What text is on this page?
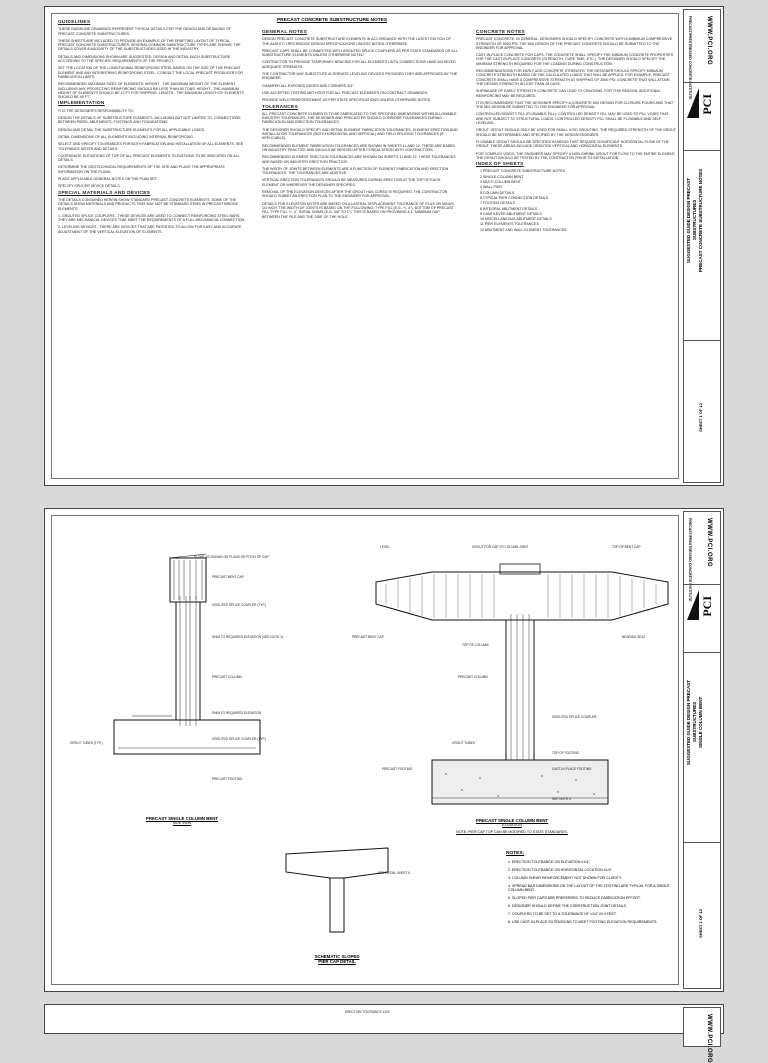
PRECAST CONCRETE SUBSTRUCTURE NOTES
GUIDELINES

THESE GUIDELINE DRAWINGS REPRESENT TYPICAL DETAILS FOR THE DESIGN AND DETAILING OF PRECAST CONCRETE SUBSTRUCTURES.

THESE SHEETS ARE INCLUDED TO PROVIDE AN EXAMPLE OF THE DRAFTING LAYOUT OF TYPICAL PRECAST CONCRETE SUBSTRUCTURES. SEVERAL COMMON SUBSTRUCTURE TYPES ARE SHOWN. THE DETAILS COVER A MAJORITY OF THE SUBSTRUCTURES USED IN THE INDUSTRY.

DETAILS AND DIMENSIONS SHOWN ARE SUGGESTED. DESIGN AND DETAIL EACH SUBSTRUCTURE ACCORDING TO THE SPECIFIC REQUIREMENTS OF THE PROJECT.

SET THE LOCATION OF THE LONGITUDINAL REINFORCING STEEL BASED ON THE SIZE OF THE PRECAST ELEMENT AND ANY INTERFERING REINFORCING STEEL. CONSULT THE LOCAL PRECAST PRODUCER FOR FABRICATION LIMITS.

RECOMMENDED MAXIMUM SIZES OF ELEMENTS: WEIGHT - THE MAXIMUM WEIGHT OF THE ELEMENT INCLUDING ANY PROJECTING REINFORCING SHOULD BE LESS THAN 50 TONS. HEIGHT - THE MAXIMUM HEIGHT OF ELEMENTS SHOULD BE 10 FT FOR SHIPPING. LENGTH - THE MAXIMUM LENGTH OF ELEMENTS SHOULD BE 40 FT.

IMPLEMENTATION

IT IS THE DESIGNER'S RESPONSIBILITY TO:

DESIGN THE DETAILS OF SUBSTRUCTURE ELEMENTS, INCLUDING BUT NOT LIMITED TO, CONNECTIONS BETWEEN PIERS, ABUTMENTS, FOOTINGS AND FOUNDATIONS.

DESIGN AND DETAIL THE SUBSTRUCTURE ELEMENTS FOR ALL APPLICABLE LOADS.

DETAIL DIMENSIONS OF ALL ELEMENTS INCLUDING INTERNAL REINFORCING.

SELECT AND SPECIFY TOLERANCES FOR BOTH FABRICATION AND INSTALLATION OF ALL ELEMENTS. SEE TOLERANCE NOTES AND DETAILS.

COORDINATE ELEVATIONS OF TOP OF ALL PRECAST ELEMENTS. ELEVATIONS TO BE INDICATED ON ALL DETAILS.

DETERMINE THE GEOTECHNICAL REQUIREMENTS OF THE SITE AND PLACE THE APPROPRIATE INFORMATION ON THE PLANS.

PLACE APPLICABLE GENERAL NOTES ON THE PLAN SET.

SPECIFY SPLICER DEVICE DETAILS.

SPECIAL MATERIALS AND DEVICES

THE DETAILS CONTAINED HEREIN SHOW STANDARD PRECAST CONCRETE ELEMENTS. SOME OF THE DETAILS SHOW MATERIALS AND PRODUCTS THAT MAY NOT BE STANDARD ITEMS IN PRECAST BRIDGE ELEMENTS.

1. GROUTED SPLICE COUPLERS - THESE DEVICES ARE USED TO CONNECT REINFORCING STEEL BARS. THEY ARE MECHANICAL DEVICES THAT MEET THE REQUIREMENTS OF A FULL MECHANICAL CONNECTION.

2. LEVELING DEVICES - THERE ARE DEVICES THAT ARE PATENTED TO ALLOW FOR EASY AND ACCURATE ADJUSTMENT OF THE VERTICAL ELEVATION OF ELEMENTS.

GENERAL NOTES

DESIGN PRECAST CONCRETE SUBSTRUCTURE ELEMENTS IN ACCORDANCE WITH THE LATEST EDITION OF THE AASHTO LRFD BRIDGE DESIGN SPECIFICATIONS UNLESS NOTED OTHERWISE.

PRECAST CAPS SHALL BE CONNECTED WITH GROUTED SPLICE COUPLERS AS PER STATE STANDARDS OR ALL SUBSTRUCTURE ELEMENTS UNLESS OTHERWISE NOTED.

CONTRACTOR TO PROVIDE TEMPORARY BRACING FOR ALL ELEMENTS UNTIL CONNECTIONS HAVE ACHIEVED ADEQUATE STRENGTH.

THE CONTRACTOR MAY SUBSTITUTE ALTERNATE LEVELING DEVICES PROVIDED THEY ARE APPROVED BY THE ENGINEER.

CHAMFER ALL EXPOSED EDGES AND CORNERS 3/4".

USE ACCEPTED TESTING METHODS FOR ALL PRECAST ELEMENTS ON CONTRACT DRAWINGS.

PROVIDE WELD REINFORCEMENT AS PER STATE SPECIFICATIONS UNLESS OTHERWISE NOTED.

TOLERANCES

ALL PRECAST CONCRETE ELEMENTS TO BE FABRICATED TO THE SPECIFIED DIMENSIONS WITHIN ALLOWABLE INDUSTRY TOLERANCES. THE DESIGNER AND PRECASTER SHOULD CONSIDER TOLERANCES DURING FABRICATION AND ERECTION TOLERANCES.

THE DESIGNER SHOULD SPECIFY AND DETAIL ELEMENT FABRICATION TOLERANCES, ELEMENT ERECTION AND INSTALLATION TOLERANCES (BOTH HORIZONTAL AND VERTICAL) AND FIELD SPLICING TOLERANCES (IF APPLICABLE).

RECOMMENDED ELEMENT FABRICATION TOLERANCES ARE SHOWN IN SHEETS 11 AND 12. THESE ARE BASED ON INDUSTRY PRACTICE AND SHOULD BE REVISED AFTER CONSULTATION WITH CONTRACTORS.

RECOMMENDED ELEMENT ERECTION TOLERANCES ARE SHOWN ON SHEETS 11 AND 12. THESE TOLERANCES ARE BASED ON INDUSTRY ERECTION PRACTICE.

THE WIDTH OF JOINTS BETWEEN ELEMENTS ARE A FUNCTION OF ELEMENT FABRICATION AND ERECTION TOLERANCES. THE TOLERANCES ARE ADDITIVE.

VERTICAL ERECTION TOLERANCES SHOULD BE MEASURED DURING ERECTION AT THE TOP OF EACH ELEMENT OR WHEREVER THE DESIGNER SPECIFIES.

REMOVAL OF THE ELEVATION DEVICES AFTER THE GROUT HAS CURED IS REQUIRED. THE CONTRACTOR SHOULD SUBMIT AN ERECTION PLAN TO THE ENGINEER FOR APPROVAL.

DETAILS FOR ELEVATION NOTES ARE BASED ON A LATERAL DISPLACEMENT TOLERANCE OF PLUS OR MINUS 1/4 INCH. THE WIDTH OF JOINTS IS BASED ON THE FOLLOWING: TYPE FILL (E.G. +/- 4"), BOTTOM OF PRECAST FILL TYPE FILL +/- 4", INITIAL SHIMS (E.G. 3/8" TO 1"). THIS IS BASED ON PROVIDING A 1" MINIMUM GAP BETWEEN THE PILE AND THE SIDE OF THE HOLE.

CONCRETE NOTES

PRECAST CONCRETE: IN GENERAL, DESIGNERS SHOULD SPECIFY CONCRETE WITH A MINIMUM COMPRESSIVE STRENGTH OF 5000 PSI. THE MIX DESIGN OF THE PRECAST CONCRETE SHOULD BE SUBMITTED TO THE ENGINEER FOR APPROVAL.

CAST-IN-PLACE CONCRETE FOR CAPS: THE CONCRETE SHALL SPECIFY THE MINIMUM CONCRETE PROPERTIES FOR THE CAST-IN-PLACE CONCRETE (STRENGTH, CURE TIME, ETC.). THE DESIGNER SHOULD SPECIFY THE MINIMUM STRENGTH REQUIRED FOR THE LOADING DURING CONSTRUCTION.

RECOMMENDATIONS FOR EARLY AGE CONCRETE STRENGTH: THE DESIGNER SHOULD SPECIFY MINIMUM CONCRETE STRENGTH BASED ON THE CALCULATED LOADS THAT WILL BE APPLIED. FOR EXAMPLE, PRECAST CONCRETE SHALL HAVE A COMPRESSIVE STRENGTH AT SHIPPING OF 3500 PSI; CONCRETE THAT WILL ATTAIN THE DESIGN STRENGTH IN LESS THAN 28 DAYS.

SHRINKAGE OF EARLY STRENGTH CONCRETE CAN LEAD TO CRACKING. FOR THIS REASON, ADDITIONAL REINFORCING MAY BE REQUIRED.

IT IS RECOMMENDED THAT THE DESIGNER SPECIFY A CONCRETE MIX DESIGN FOR CLOSURE POURS AND THAT THE MIX DESIGN BE SUBMITTED TO THE ENGINEER FOR APPROVAL.

CONTROLLED DENSITY FILL (FLOWABLE FILL): CONTROLLED DENSITY FILL MAY BE USED TO FILL VOIDS THAT ARE NOT SUBJECT TO STRUCTURAL LOADS. CONTROLLED DENSITY FILL SHALL BE FLOWABLE AND SELF LEVELING.

GROUT: GROUT SHOULD ONLY BE USED FOR SMALL VOID GROUTING. THE REQUIRED STRENGTH OF THE GROUT SHOULD BE DETERMINED AND SPECIFIED BY THE DESIGN ENGINEER.

FLOWABLE GROUT SHOULD BE SPECIFIED IN AREAS THAT REQUIRE SIGNIFICANT HORIZONTAL FLOW OF THE GROUT. THESE AREAS INCLUDE GROUTED VERTICAL AND HORIZONTAL ELEMENTS.

FOR COMPLEX VOIDS, THE ENGINEER MAY SPECIFY A NON-SHRINK GROUT FOR FLOW TO THE ENTIRE ELEMENT. THE GROUT SHOULD BE TESTED BY THE CONTRACTOR PRIOR TO INSTALLATION.

INDEX OF SHEETS
1 PRECAST CONCRETE SUBSTRUCTURE NOTES
2 SINGLE COLUMN BENT
3 MULTI-COLUMN BENT
4 WALL PIER
5 COLUMN DETAILS
6 TYPICAL PIER CONNECTION DETAILS
7 FOOTING DETAILS
8 INTEGRAL ABUTMENT DETAILS
9 CANTILEVER ABUTMENT DETAILS
10 MISCELLANEOUS ABUTMENT DETAILS
11 PIER ELEMENTS TOLERANCES
12 ABUTMENT AND WALL ELEMENT TOLERANCES
WWW.PCI.ORG
PRECAST/PRESTRESSED CONCRETE INSTITUTE
PCI
SUGGESTED GUIDE DESIGN PRECAST SUBSTRUCTURES
PRECAST CONCRETE SUBSTRUCTURE NOTES
SHEET 1 OF 12
SLOPE AS SHOWN ON PLANS OR PITCH OF CAP
PRECAST BENT CAP
GROUTED SPLICE COUPLER (TYP.)
SHIM TO REQUIRED ELEVATION (SEE NOTE 1)
PRECAST COLUMN
SHIM TO REQUIRED ELEVATION
GROUT TUBES (TYP.)
GROUTED SPLICE COUPLER (TYP.)
PRECAST FOOTING
PRECAST SINGLE COLUMN BENT
SIDE VIEW
LEVEL	GROUT FOR CAP TO COLUMN JOINT	TOP OF BENT CAP
PRECAST BENT CAP
TOP OF COLUMN
BEARING SEAT
PRECAST COLUMN
GROUTED SPLICE COUPLER
GROUT TUBES
TOP OF FOOTING
CAST-IN-PLACE FOOTING
PRECAST FOOTING
SEE NOTE 4
PRECAST SINGLE COLUMN BENT
ELEVATION
NOTE: PIER CAP TOP CAN BE MODIFIED TO STATE STANDARDS.
SEE DETAIL SHEET 6
SCHEMATIC SLOPED
PIER CAP DETAIL
NOTES:

1. ERECTION TOLERANCE ON ELEVATION ±1/4".

2. ERECTION TOLERANCE ON HORIZONTAL LOCATION ±1/4".

3. COLUMN SHEAR REINFORCEMENT NOT SHOWN FOR CLARITY.

4. SPREAD BAR DIMENSIONS ON THE LAYOUT OF THE FOOTING ARE TYPICAL FOR A SINGLE COLUMN BENT.

5. SLOPED PIER CAPS ARE PREFERRED TO REDUCE FABRICATION EFFORT.

6. DESIGNER SHOULD DEFINE THE CONSTRUCTION JOINT DETAILS.

7. COUPLERS TO BE SET TO A TOLERANCE OF ±1/4" IN 4 FEET.

8. USE CAST-IN-PLACE EXTENSIONS TO MEET FOOTING ELEVATION REQUIREMENTS.

WWW.PCI.ORG
PRECAST/PRESTRESSED CONCRETE INSTITUTE
PCI
SUGGESTED GUIDE DESIGN PRECAST SUBSTRUCTURES
SINGLE COLUMN BENT
SHEET 2 OF 12
ERECTION TOLERANCE ±1/4"
WWW.PCI.ORG
